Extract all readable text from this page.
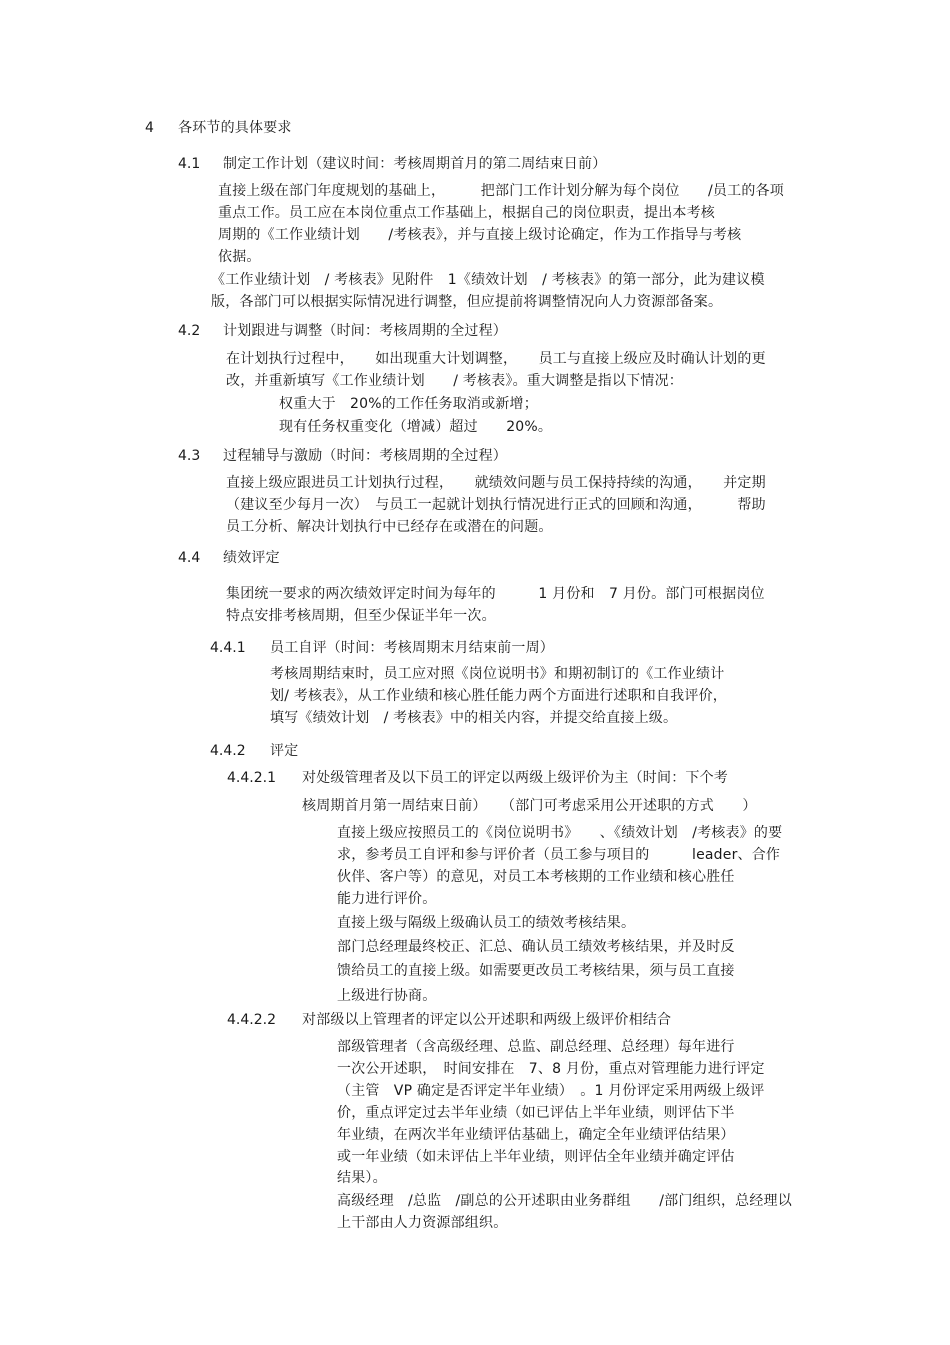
4 各环节的具体要求
4.1 制定工作计划（建议时间：考核周期首月的第二周结束日前）
直接上级在部门年度规划的基础上，　　　把部门工作计划分解为每个岗位　　/员工的各项
重点工作。员工应在本岗位重点工作基础上，根据自己的岗位职责，提出本考核
周期的《工作业绩计划　　/考核表》，并与直接上级讨论确定，作为工作指导与考核
依据。
《工作业绩计划　/ 考核表》见附件　1《绩效计划　/ 考核表》的第一部分，此为建议模
版，各部门可以根据实际情况进行调整，但应提前将调整情况向人力资源部备案。
4.2 计划跟进与调整（时间：考核周期的全过程）
在计划执行过程中，　　如出现重大计划调整，　　员工与直接上级应及时确认计划的更
改，并重新填写《工作业绩计划　　/ 考核表》。重大调整是指以下情况：
权重大于　20%的工作任务取消或新增；
现有任务权重变化（增减）超过　　20%。
4.3 过程辅导与激励（时间：考核周期的全过程）
直接上级应跟进员工计划执行过程，　　就绩效问题与员工保持持续的沟通，　　并定期
（建议至少每月一次）　与员工一起就计划执行情况进行正式的回顾和沟通，　　　帮助
员工分析、解决计划执行中已经存在或潜在的问题。
4.4 绩效评定
集团统一要求的两次绩效评定时间为每年的　　　1 月份和　7 月份。部门可根据岗位
特点安排考核周期，但至少保证半年一次。
4.4.1 员工自评（时间：考核周期末月结束前一周）
考核周期结束时，员工应对照《岗位说明书》和期初制订的《工作业绩计
划/ 考核表》，从工作业绩和核心胜任能力两个方面进行述职和自我评价，
填写《绩效计划　/ 考核表》中的相关内容，并提交给直接上级。
4.4.2 评定
4.4.2.1 对处级管理者及以下员工的评定以两级上级评价为主（时间：下个考
核周期首月第一周结束日前）　　（部门可考虑采用公开述职的方式　　）
直接上级应按照员工的《岗位说明书》　　、《绩效计划　/考核表》的要
求，参考员工自评和参与评价者（员工参与项目的　　　leader、合作
伙伴、客户等）的意见，对员工本考核期的工作业绩和核心胜任
能力进行评价。
直接上级与隔级上级确认员工的绩效考核结果。
部门总经理最终校正、汇总、确认员工绩效考核结果，并及时反
馈给员工的直接上级。如需要更改员工考核结果，须与员工直接
上级进行协商。
4.4.2.2 对部级以上管理者的评定以公开述职和两级上级评价相结合
部级管理者（含高级经理、总监、副总经理、总经理）每年进行
一次公开述职，　时间安排在　7、8 月份，重点对管理能力进行评定
（主管　VP 确定是否评定半年业绩）　。1 月份评定采用两级上级评
价，重点评定过去半年业绩（如已评估上半年业绩，则评估下半
年业绩，在两次半年业绩评估基础上，确定全年业绩评估结果）
或一年业绩（如未评估上半年业绩，则评估全年业绩并确定评估
结果）。
高级经理　/总监　/副总的公开述职由业务群组　　/部门组织，总经理以
上干部由人力资源部组织。
